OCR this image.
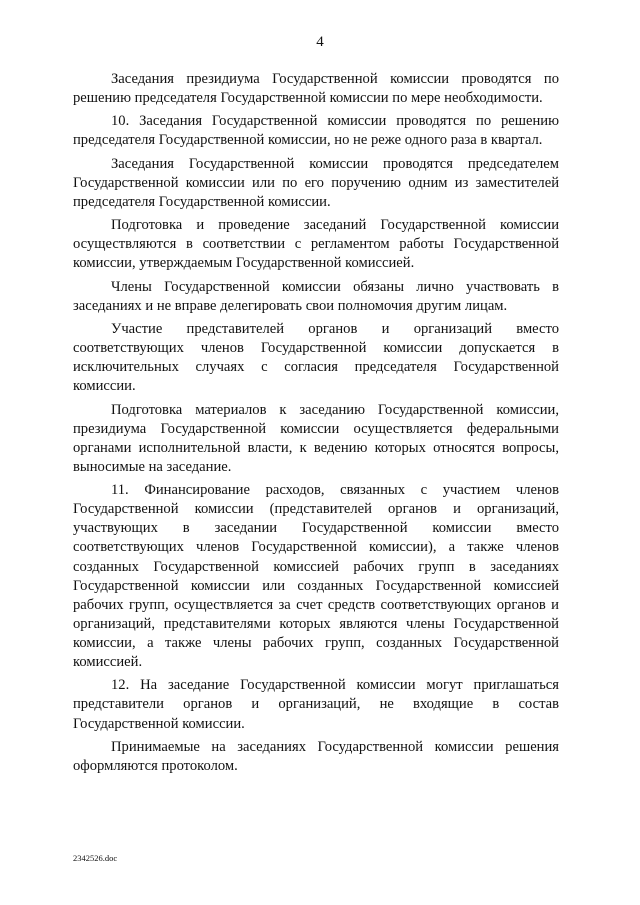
4

Заседания президиума Государственной комиссии проводятся по решению председателя Государственной комиссии по мере необходимости.

10. Заседания Государственной комиссии проводятся по решению председателя Государственной комиссии, но не реже одного раза в квартал.

Заседания Государственной комиссии проводятся председателем Государственной комиссии или по его поручению одним из заместителей председателя Государственной комиссии.

Подготовка и проведение заседаний Государственной комиссии осуществляются в соответствии с регламентом работы Государственной комиссии, утверждаемым Государственной комиссией.

Члены Государственной комиссии обязаны лично участвовать в заседаниях и не вправе делегировать свои полномочия другим лицам.

Участие представителей органов и организаций вместо соответствующих членов Государственной комиссии допускается в исключительных случаях с согласия председателя Государственной комиссии.

Подготовка материалов к заседанию Государственной комиссии, президиума Государственной комиссии осуществляется федеральными органами исполнительной власти, к ведению которых относятся вопросы, выносимые на заседание.

11. Финансирование расходов, связанных с участием членов Государственной комиссии (представителей органов и организаций, участвующих в заседании Государственной комиссии вместо соответствующих членов Государственной комиссии), а также членов созданных Государственной комиссией рабочих групп в заседаниях Государственной комиссии или созданных Государственной комиссией рабочих групп, осуществляется за счет средств соответствующих органов и организаций, представителями которых являются члены Государственной комиссии, а также члены рабочих групп, созданных Государственной комиссией.

12. На заседание Государственной комиссии могут приглашаться представители органов и организаций, не входящие в состав Государственной комиссии.

Принимаемые на заседаниях Государственной комиссии решения оформляются протоколом.

2342526.doc
